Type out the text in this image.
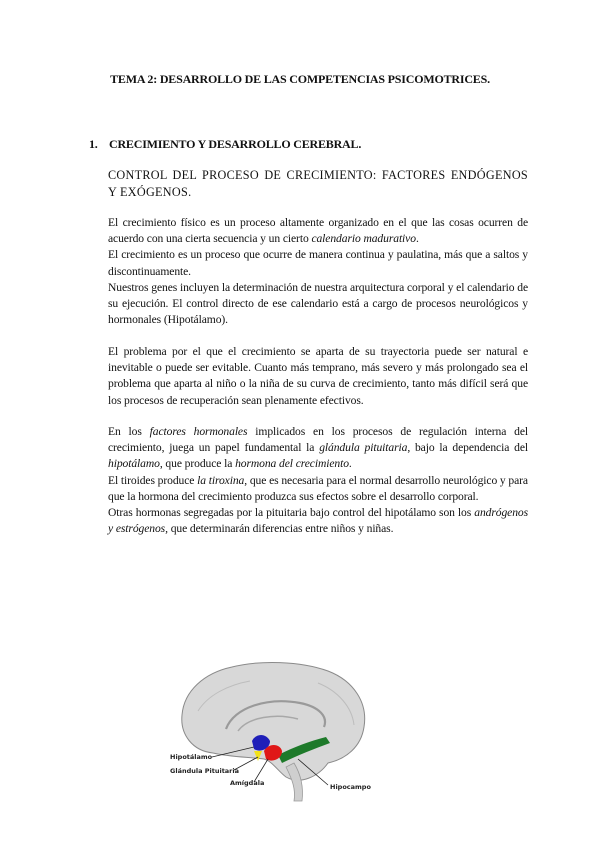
TEMA 2: DESARROLLO DE LAS COMPETENCIAS PSICOMOTRICES.
1. CRECIMIENTO Y DESARROLLO CEREBRAL.
CONTROL DEL PROCESO DE CRECIMIENTO: FACTORES ENDÓGENOS Y EXÓGENOS.

El crecimiento físico es un proceso altamente organizado en el que las cosas ocurren de acuerdo con una cierta secuencia y un cierto calendario madurativo.

El crecimiento es un proceso que ocurre de manera continua y paulatina, más que a saltos y discontinuamente.

Nuestros genes incluyen la determinación de nuestra arquitectura corporal y el calendario de su ejecución. El control directo de ese calendario está a cargo de procesos neurológicos y hormonales (Hipotálamo).

El problema por el que el crecimiento se aparta de su trayectoria puede ser natural e inevitable o puede ser evitable. Cuanto más temprano, más severo y más prolongado sea el problema que aparta al niño o la niña de su curva de crecimiento, tanto más difícil será que los procesos de recuperación sean plenamente efectivos.

En los factores hormonales implicados en los procesos de regulación interna del crecimiento, juega un papel fundamental la glándula pituitaria, bajo la dependencia del hipotálamo, que produce la hormona del crecimiento.

El tiroides produce la tiroxina, que es necesaria para el normal desarrollo neurológico y para que la hormona del crecimiento produzca sus efectos sobre el desarrollo corporal.

Otras hormonas segregadas por la pituitaria bajo control del hipotálamo son los andrógenos y estrógenos, que determinarán diferencias entre niños y niñas.

Hipotálamo
Glándula Pituitaria
Amígdala	Hipocampo
